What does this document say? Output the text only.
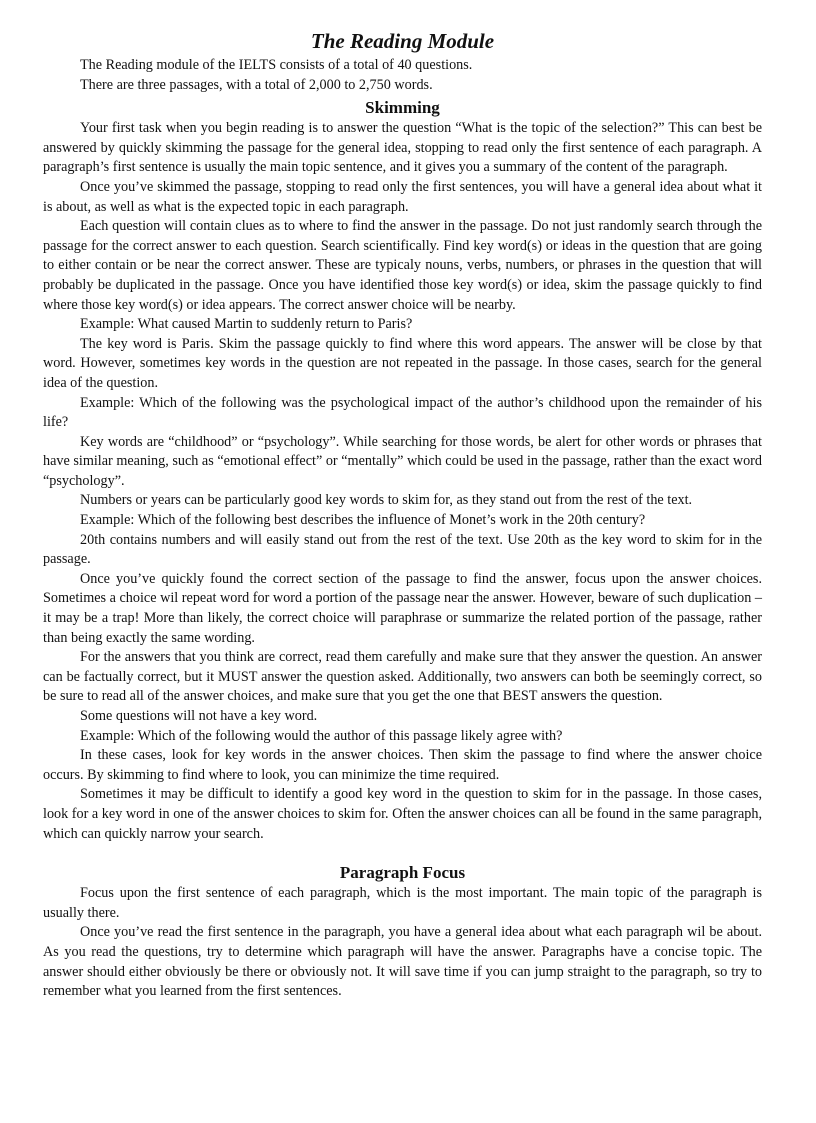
The Reading Module

The Reading module of the IELTS consists of a total of 40 questions.

There are three passages, with a total of 2,000 to 2,750 words.

Skimming

Your first task when you begin reading is to answer the question “What is the topic of the selection?” This can best be answered by quickly skimming the passage for the general idea, stopping to read only the first sentence of each paragraph. A paragraph’s first sentence is usually the main topic sentence, and it gives you a summary of the content of the paragraph.

Once you’ve skimmed the passage, stopping to read only the first sentences, you will have a general idea about what it is about, as well as what is the expected topic in each paragraph.

Each question will contain clues as to where to find the answer in the passage. Do not just randomly search through the passage for the correct answer to each question. Search scientifically. Find key word(s) or ideas in the question that are going to either contain or be near the correct answer. These are typicaly nouns, verbs, numbers, or phrases in the question that will probably be duplicated in the passage. Once you have identified those key word(s) or idea, skim the passage quickly to find where those key word(s) or idea appears. The correct answer choice will be nearby.

Example: What caused Martin to suddenly return to Paris?

The key word is Paris. Skim the passage quickly to find where this word appears. The answer will be close by that word. However, sometimes key words in the question are not repeated in the passage. In those cases, search for the general idea of the question.

Example: Which of the following was the psychological impact of the author’s childhood upon the remainder of his life?

Key words are “childhood” or “psychology”. While searching for those words, be alert for other words or phrases that have similar meaning, such as “emotional effect” or “mentally” which could be used in the passage, rather than the exact word “psychology”.

Numbers or years can be particularly good key words to skim for, as they stand out from the rest of the text.

Example: Which of the following best describes the influence of Monet’s work in the 20th century?

20th contains numbers and will easily stand out from the rest of the text. Use 20th as the key word to skim for in the passage.

Once you’ve quickly found the correct section of the passage to find the answer, focus upon the answer choices. Sometimes a choice wil repeat word for word a portion of the passage near the answer. However, beware of such duplication – it may be a trap! More than likely, the correct choice will paraphrase or summarize the related portion of the passage, rather than being exactly the same wording.

For the answers that you think are correct, read them carefully and make sure that they answer the question. An answer can be factually correct, but it MUST answer the question asked. Additionally, two answers can both be seemingly correct, so be sure to read all of the answer choices, and make sure that you get the one that BEST answers the question.

Some questions will not have a key word.

Example: Which of the following would the author of this passage likely agree with?

In these cases, look for key words in the answer choices. Then skim the passage to find where the answer choice occurs. By skimming to find where to look, you can minimize the time required.

Sometimes it may be difficult to identify a good key word in the question to skim for in the passage. In those cases, look for a key word in one of the answer choices to skim for. Often the answer choices can all be found in the same paragraph, which can quickly narrow your search.

Paragraph Focus

Focus upon the first sentence of each paragraph, which is the most important. The main topic of the paragraph is usually there.

Once you’ve read the first sentence in the paragraph, you have a general idea about what each paragraph wil be about. As you read the questions, try to determine which paragraph will have the answer. Paragraphs have a concise topic. The answer should either obviously be there or obviously not. It will save time if you can jump straight to the paragraph, so try to remember what you learned from the first sentences.
